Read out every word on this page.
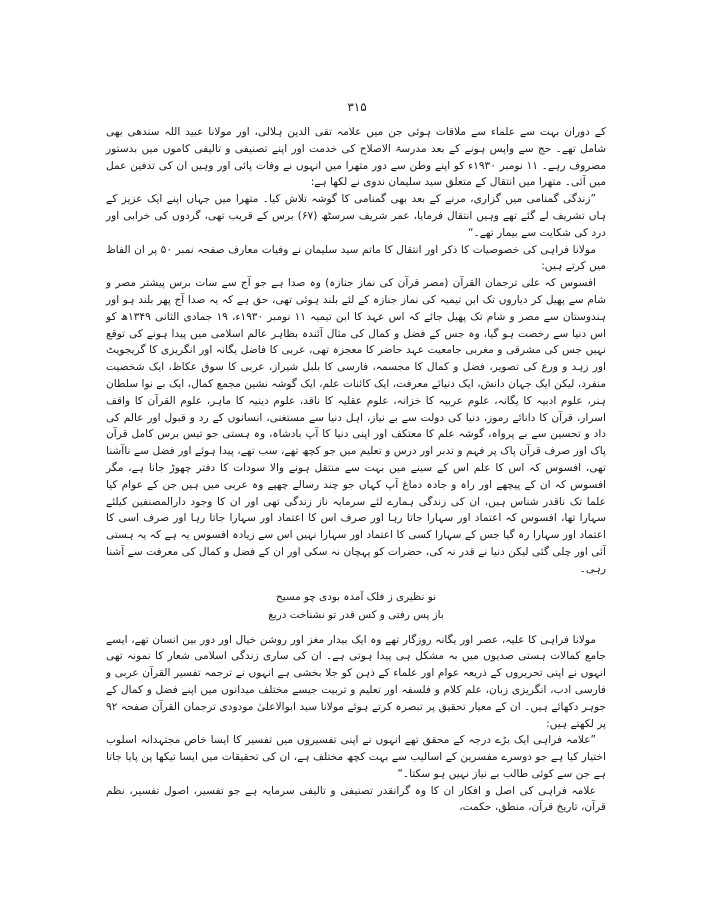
۳۱۵

کے دوران بہت سے علماء سے ملاقات ہوئی جن میں علامہ تقی الدین ہلالی، اور مولانا عبید اللہ سندھی بھی شامل تھے۔ حج سے واپس ہونے کے بعد مدرسۃ الاصلاح کی خدمت اور اپنے تصنیفی و تالیفی کاموں میں بدستور مصروف رہے۔ ۱۱ نومبر ۱۹۳۰ء کو اپنے وطن سے دور متھرا میں انہوں نے وفات پائی اور وہیں ان کی تدفین عمل میں آئی۔ متھرا میں انتقال کے متعلق سید سلیمان ندوی نے لکھا ہے:

”زندگی گمنامی میں گزاری، مرنے کے بعد بھی گمنامی کا گوشہ تلاش کیا۔ متھرا میں جہاں اپنے ایک عزیز کے ہاں تشریف لے گئے تھے وہیں انتقال فرمایا، عمر شریف سرسٹھ (۶۷) برس کے قریب تھی، گردوں کی خرابی اور درد کی شکایت سے بیمار تھے۔“

مولانا فراہی کی خصوصیات کا ذکر اور انتقال کا ماتم سید سلیمان نے وفیات معارف صفحہ نمبر ۵۰ پر ان الفاظ میں کرتے ہیں:

افسوس کہ علی ترجمان القرآن (مصر قرآن کی نماز جنازہ) وہ صدا ہے جو آج سے سات برس پیشتر مصر و شام سے پھیل کر دیاروں تک ابن تیمیہ کی نماز جنازہ کے لئے بلند ہوئی تھی، حق ہے کہ یہ صدا آج پھر بلند ہو اور ہندوستان سے مصر و شام تک پھیل جائے کہ اس عہد کا ابن تیمیہ ۱۱ نومبر ۱۹۳۰ء، ۱۹ جمادی الثانی ۱۳۴۹ھ کو اس دنیا سے رخصت ہو گیا، وہ جس کے فضل و کمال کی مثال آئندہ بظاہر عالم اسلامی میں پیدا ہونے کی توقع نہیں جس کی مشرقی و مغربی جامعیت عہد حاضر کا معجزہ تھی، عربی کا فاضل یگانہ اور انگریزی کا گریجویٹ اور زہد و ورع کی تصویر، فضل و کمال کا مجسمہ، فارسی کا بلبل شیراز، عربی کا سوق عکاظ، ایک شخصیت منفرد، لیکن ایک جہان دانش، ایک دنیائے معرفت، ایک کائنات علم، ایک گوشہ نشین مجمع کمال، ایک بے نوا سلطان ہنر، علوم ادبیہ کا یگانہ، علوم عربیہ کا خزانہ، علوم عقلیہ کا ناقد، علوم دینیہ کا ماہر، علوم القرآن کا واقف اسرار، قرآن کا دانائے رموز، دنیا کی دولت سے بے نیاز، اہل دنیا سے مستغنی، انسانوں کے رد و قبول اور عالم کی داد و تحسین سے بے پرواہ، گوشہ علم کا معتکف اور اپنی دنیا کا آپ بادشاہ، وہ ہستی جو تیس برس کامل قرآن پاک اور صرف قرآن پاک پر فہم و تدبر اور درس و تعلیم میں جو کچھ تھے، سب تھے، پیدا ہوئے اور فضل سے ناآشنا تھی، افسوس کہ اس کا علم اس کے سینے میں بہت سے منتقل ہونے والا سودات کا دفتر چھوڑ جانا ہے، مگر افسوس کہ ان کے پیچھے اور راہ و جادہ دماغ آپ کہاں جو چند رسالے چھپے وہ عربی میں ہیں جن کے عوام کیا علما تک ناقدر شناس ہیں، ان کی زندگی ہمارے لئے سرمایہ ناز زندگی تھی اور ان کا وجود دارالمصنفین کیلئے سہارا تھا، افسوس کہ اعتماد اور سہارا جاتا رہا اور صرف اس کا اعتماد اور سہارا جاتا رہا اور صرف اسی کا اعتماد اور سہارا رہ گیا جس کے سہارا کسی کا اعتماد اور سہارا نہیں اس سے زیادہ افسوس یہ ہے کہ یہ ہستی آئی اور چلی گئی لیکن دنیا نے قدر نہ کی، حضرات کو پہچان نہ سکی اور ان کے فضل و کمال کی معرفت سے آشنا رہی۔

نو نظیری ز فلک آمدہ بودی چو مسیح
باز پس رفتی و کس قدر تو نشناخت دریغ

مولانا فراہی کا علیہ، عصر اور یگانہ روزگار تھے وہ ایک بیدار مغز اور روشن خیال اور دور بین انسان تھے، ایسے جامع کمالات ہستی صدیوں میں بہ مشکل ہی پیدا ہوتی ہے۔ ان کی ساری زندگی اسلامی شعار کا نمونہ تھی انہوں نے اپنی تحریروں کے ذریعہ عوام اور علماء کے ذہن کو جلا بخشی ہے انہوں نے ترجمہ تفسیر القرآن عربی و فارسی ادب، انگریزی زبان، علم کلام و فلسفہ اور تعلیم و تربیت جیسے مختلف میدانوں میں اپنے فضل و کمال کے جوہر دکھائے ہیں۔ ان کے معیار تحقیق پر تبصرہ کرتے ہوئے مولانا سید ابوالاعلیٰ مودودی ترجمان القرآن صفحہ ۹۲ پر لکھتے ہیں:

”علامہ فراہی ایک بڑے درجہ کے محقق تھے انہوں نے اپنی تفسیروں میں تفسیر کا ایسا خاص مجتہدانہ اسلوب اختیار کیا ہے جو دوسرے مفسرین کے اسالیب سے بہت کچھ مختلف ہے، ان کی تحقیقات میں ایسا تیکھا پن پایا جاتا ہے جن سے کوئی طالب بے نیاز نہیں ہو سکتا۔“

علامہ فراہی کی اصل و افکار ان کا وہ گرانقدر تصنیفی و تالیفی سرمایہ ہے جو تفسیر، اصول تفسیر، نظم قرآن، تاریخ قرآن، منطق، حکمت،
